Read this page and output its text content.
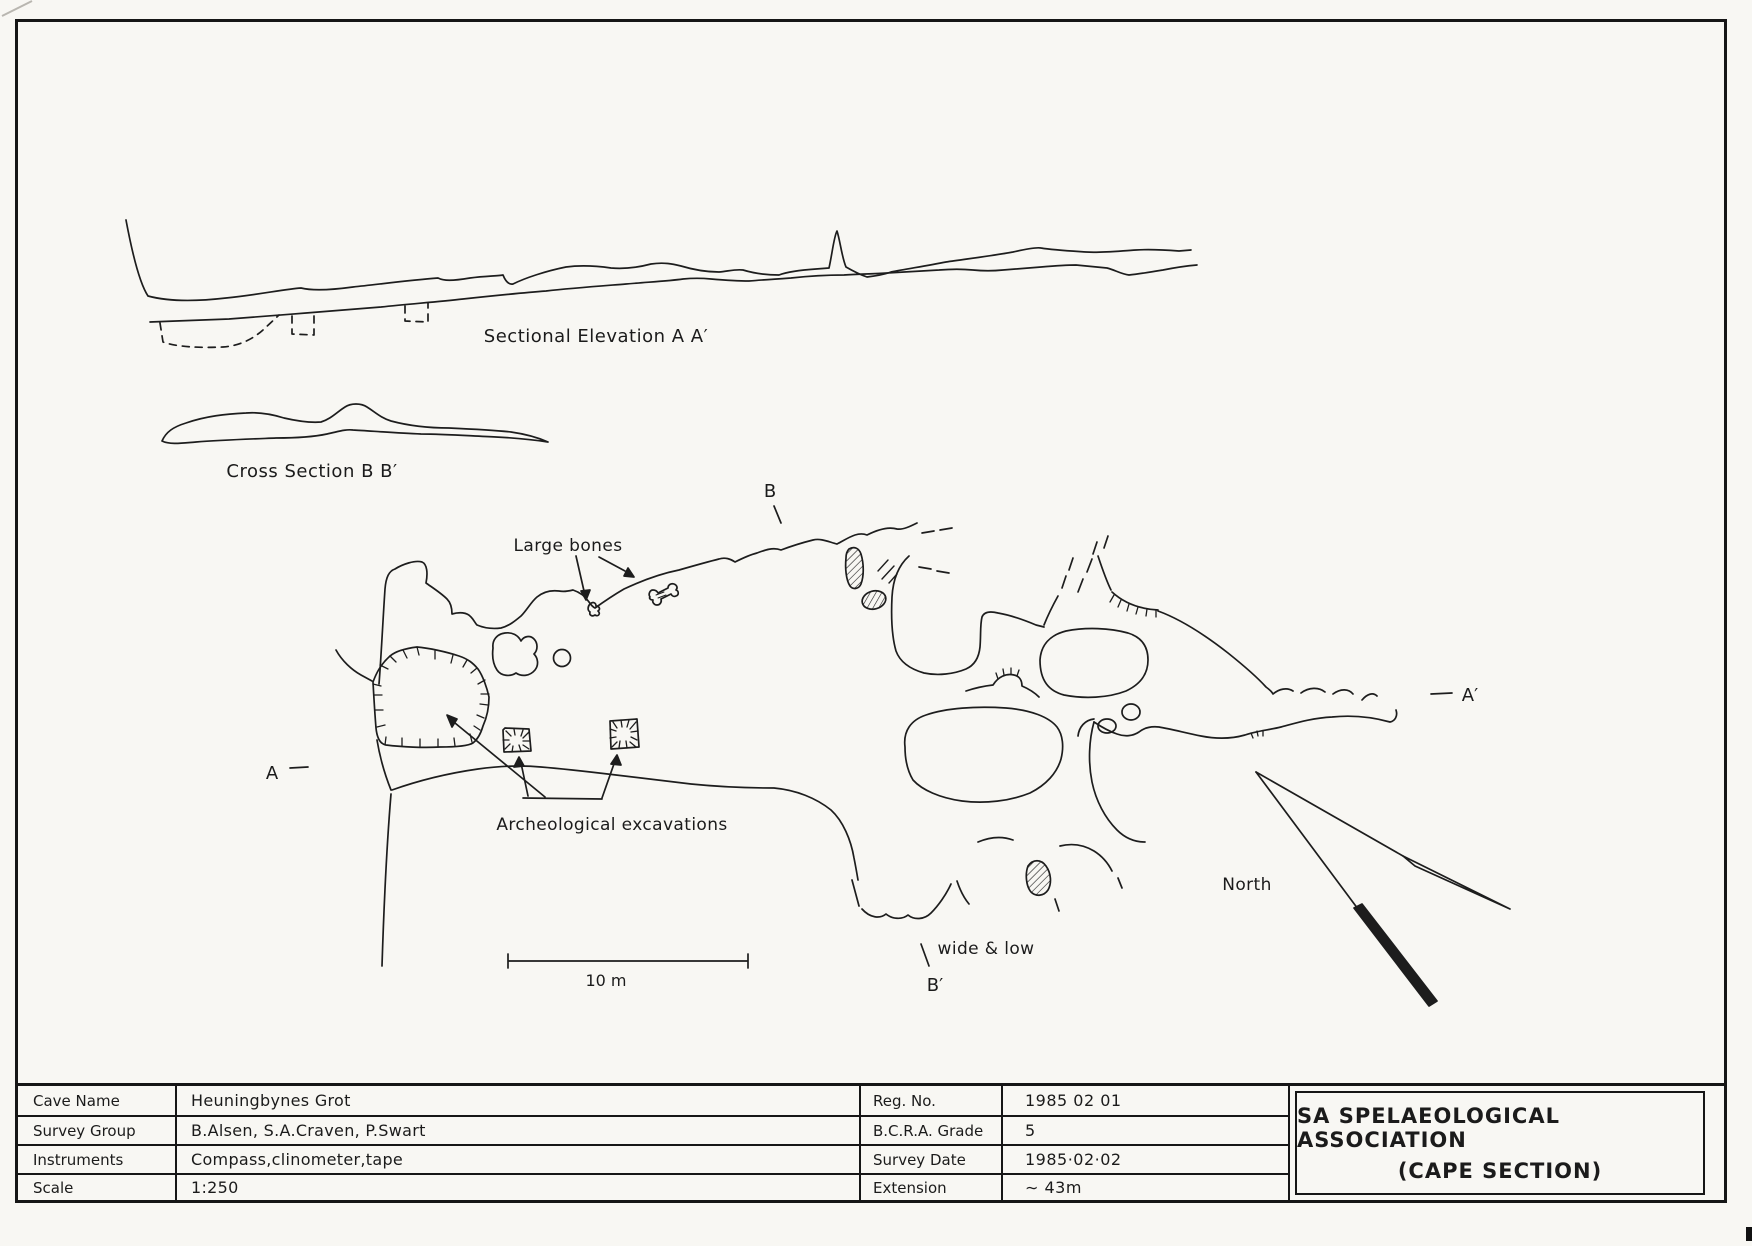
Sectional Elevation A A′
Cross Section B B′
Large bones
Archeological excavations
wide & low
North
10 m
A
A′
B
B′
Cave Name	Heuningbynes Grot	Reg. No.	1985 02 01
SA SPELAEOLOGICAL ASSOCIATION
(CAPE SECTION)
Survey Group	B.Alsen, S.A.Craven, P.Swart	B.C.R.A. Grade	5
Instruments	Compass,clinometer,tape	Survey Date	1985·02·02
Scale	1:250	Extension	∼ 43m
